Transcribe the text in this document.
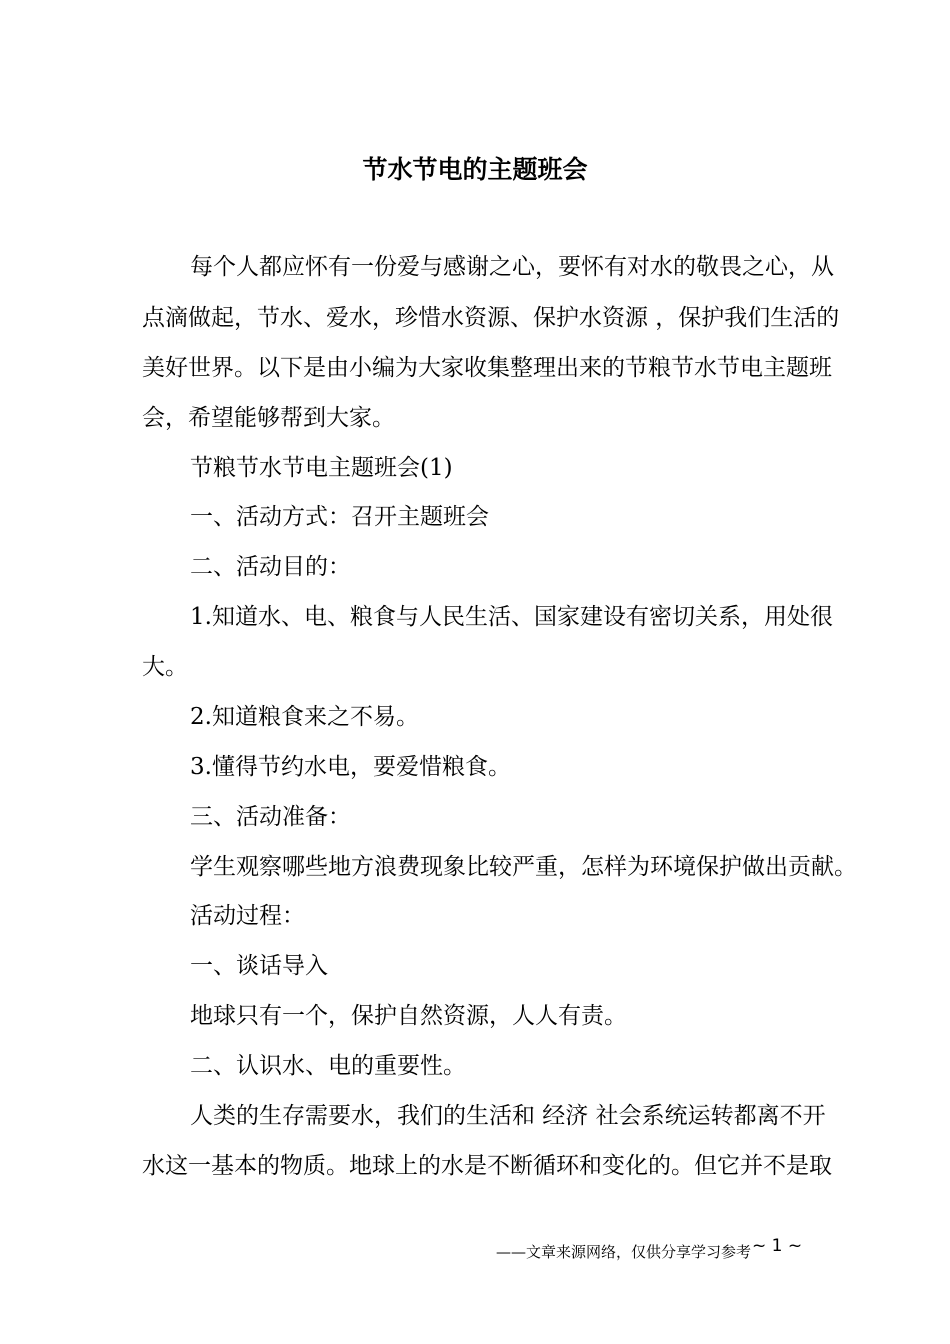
节水节电的主题班会
每个人都应怀有一份爱与感谢之心，要怀有对水的敬畏之心，从
点滴做起，节水、爱水，珍惜水资源、保护水资源 ，保护我们生活的
美好世界。以下是由小编为大家收集整理出来的节粮节水节电主题班
会，希望能够帮到大家。
节粮节水节电主题班会(1)
一、活动方式：召开主题班会
二、活动目的：
1.知道水、电、粮食与人民生活、国家建设有密切关系，用处很
大。
2.知道粮食来之不易。
3.懂得节约水电，要爱惜粮食。
三、活动准备：
学生观察哪些地方浪费现象比较严重，怎样为环境保护做出贡献。
活动过程：
一、谈话导入
地球只有一个，保护自然资源，人人有责。
二、认识水、电的重要性。
人类的生存需要水，我们的生活和 经济 社会系统运转都离不开
水这一基本的物质。地球上的水是不断循环和变化的。但它并不是取
——文章来源网络，仅供分享学习参考 ~ 1 ~
